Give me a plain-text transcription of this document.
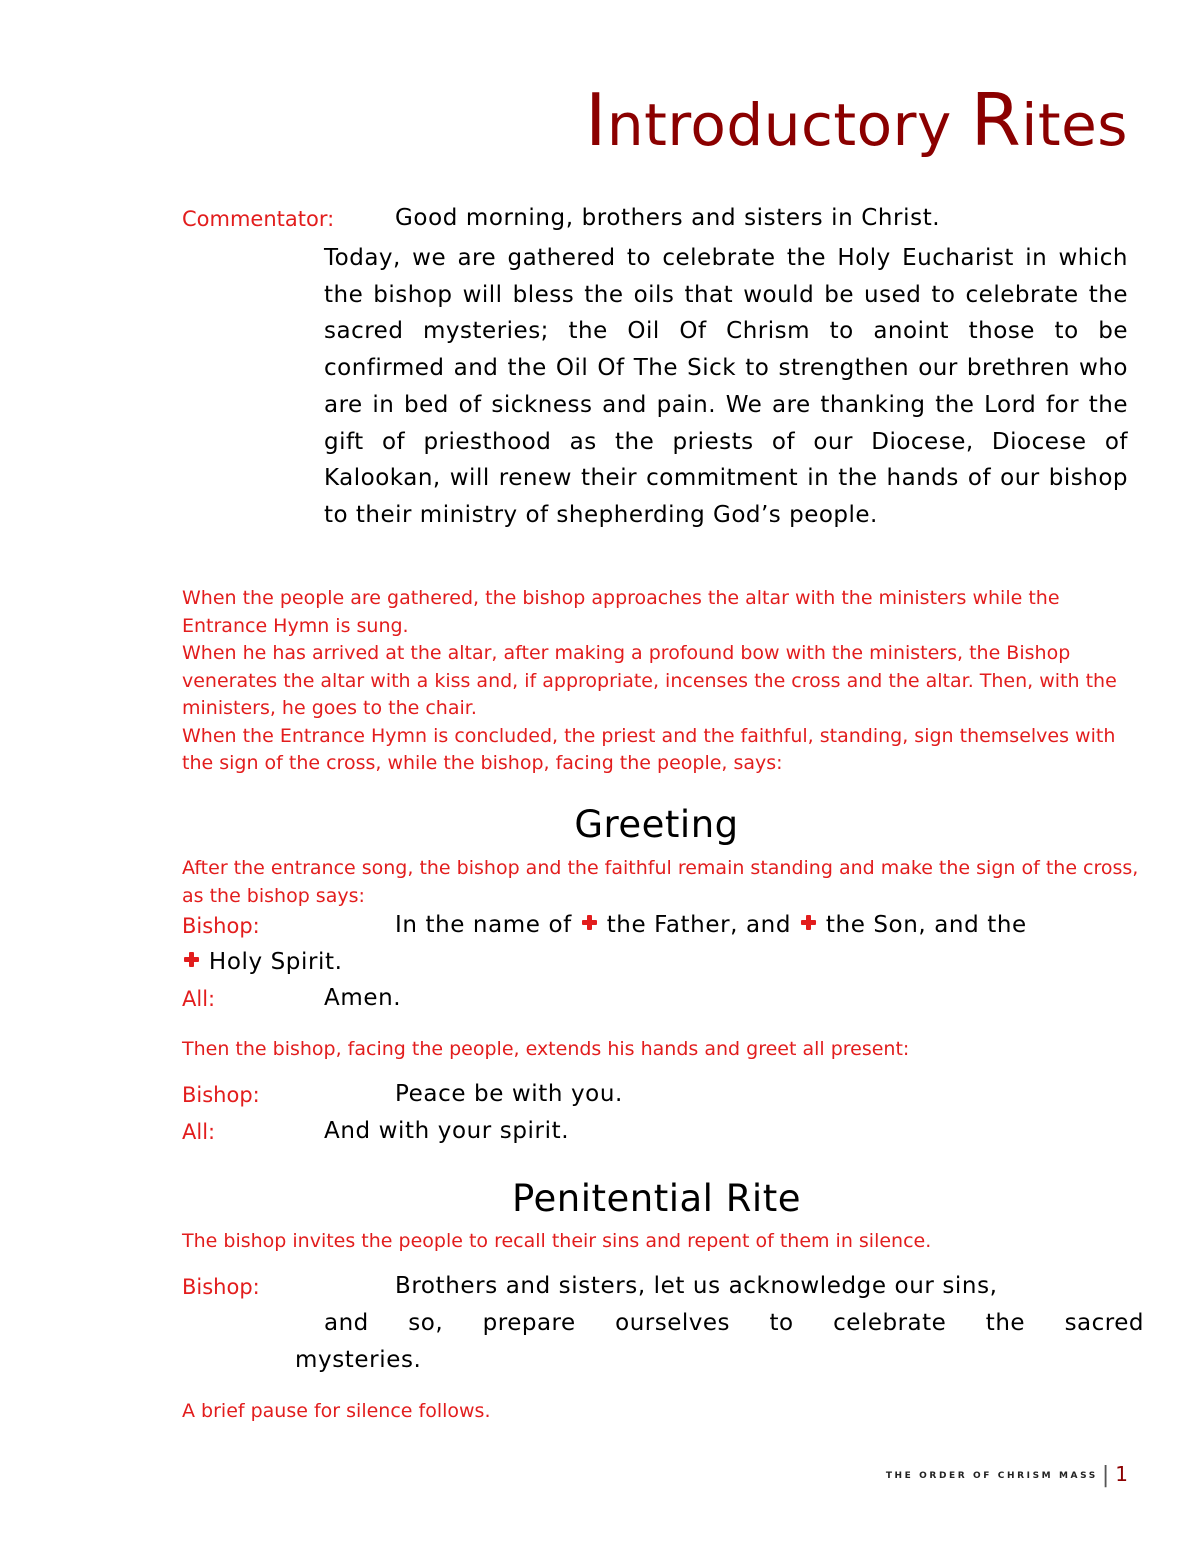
Introductory Rites
Commentator:	Good morning, brothers and sisters in Christ.
Today, we are gathered to celebrate the Holy Eucharist in which the bishop will bless the oils that would be used to celebrate the sacred mysteries; the Oil Of Chrism to anoint those to be confirmed and the Oil Of The Sick to strengthen our brethren who are in bed of sickness and pain. We are thanking the Lord for the gift of priesthood as the priests of our Diocese, Diocese of Kalookan, will renew their commitment in the hands of our bishop to their ministry of shepherding God’s people.

When the people are gathered, the bishop approaches the altar with the ministers while the Entrance Hymn is sung.

When he has arrived at the altar, after making a profound bow with the ministers, the Bishop venerates the altar with a kiss and, if appropriate, incenses the cross and the altar. Then, with the ministers, he goes to the chair.

When the Entrance Hymn is concluded, the priest and the faithful, standing, sign themselves with the sign of the cross, while the bishop, facing the people, says:

Greeting
After the entrance song, the bishop and the faithful remain standing and make the sign of the cross, as the bishop says:
Bishop:	In the name of the Father, and the Son, and the
Holy Spirit.
All:	Amen.
Then the bishop, facing the people, extends his hands and greet all present:
Bishop:	Peace be with you.
All:	And with your spirit.
Penitential Rite
The bishop invites the people to recall their sins and repent of them in silence.
Bishop:	Brothers and sisters, let us acknowledge our sins,
and so, prepare ourselves to celebrate the sacred
mysteries.
A brief pause for silence follows.
THE ORDER OF CHRISM MASS | 1
